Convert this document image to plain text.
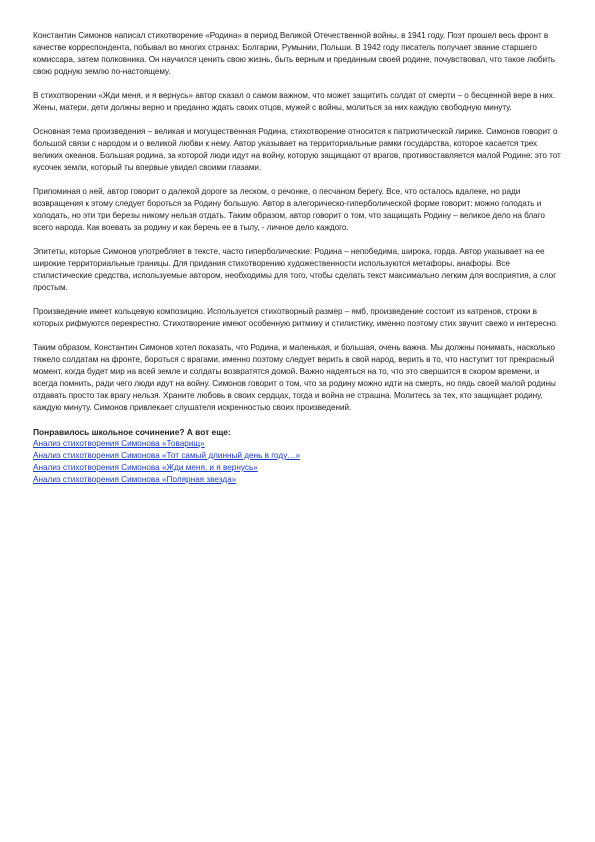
Константин Симонов написал стихотворение «Родина» в период Великой Отечественной войны, в 1941 году. Поэт прошел весь фронт в качестве корреспондента, побывал во многих странах: Болгарии, Румынии, Польши. В 1942 году писатель получает звание старшего комиссара, затем полковника. Он научился ценить свою жизнь, быть верным и преданным своей родине, почувствовал, что такое любить свою родную землю по-настоящему.

В стихотворении «Жди меня, и я вернусь» автор сказал о самом важном, что может защитить солдат от смерти – о бесценной вере в них. Жены, матери, дети должны верно и преданно ждать своих отцов, мужей с войны, молиться за них каждую свободную минуту.

Основная тема произведения – великая и могущественная Родина, стихотворение относится к патриотической лирике. Симонов говорит о большой связи с народом и о великой любви к нему. Автор указывает на территориальные рамки государства, которое касается трех великих океанов. Большая родина, за которой люди идут на войну, которую защищают от врагов, противоставляется малой Родине: это тот кусочек земли, который ты впервые увидел своими глазами.

Припоминая о ней, автор говорит о далекой дороге за леском, о речонке, о песчаном берегу. Все, что осталось вдалеке, но ради возвращения к этому следует бороться за Родину большую. Автор в алегорическо-гиперболической форме говорит: можно голодать и холодать, но эти три березы никому нельзя отдать. Таким образом, автор говорит о том, что защищать Родину – великое дело на благо всего народа. Как воевать за родину и как беречь ее в тылу, - личное дело каждого.

Эпитеты, которые Симонов употребляет в тексте, часто гиперболические: Родина – непобедима, широка, горда. Автор указывает на ее широкие территориальные границы. Для придания стихотворению художественности используются метафоры, анафоры. Все стилистические средства, используемые автором, необходимы для того, чтобы сделать текст максимально легким для восприятия, а слог простым.

Произведение имеет кольцевую композицию. Используется стихотворный размер – ямб, произведение состоит из катренов, строки в которых рифмуются перекрестно. Стихотворение имеют особенную ритмику и стилистику, именно поэтому стих звучит свежо и интересно.

Таким образом, Константин Симонов хотел показать, что Родина, и маленькая, и большая, очень важна. Мы должны понимать, насколько тяжело солдатам на фронте, бороться с врагами, именно поэтому следует верить в свой народ, верить в то, что наступит тот прекрасный момент, когда будет мир на всей земле и солдаты возвратятся домой. Важно надеяться на то, что это свершится в скором времени, и всегда помнить, ради чего люди идут на войну. Симонов говорит о том, что за родину можно идти на смерть, но пядь своей малой родины отдавать просто так врагу нельзя. Храните любовь в своих сердцах, тогда и война не страшна. Молитесь за тех, кто защищает родину, каждую минуту. Симонов привлекает слушателя искренностью своих произведений.

Понравилось школьное сочинение? А вот еще:

Анализ стихотворения Симонова «Товарищ»
Анализ стихотворения Симонова «Тот самый длинный день в году…»
Анализ стихотворения Симонова «Жди меня, и я вернусь»
Анализ стихотворения Симонова «Полярная звезда»
